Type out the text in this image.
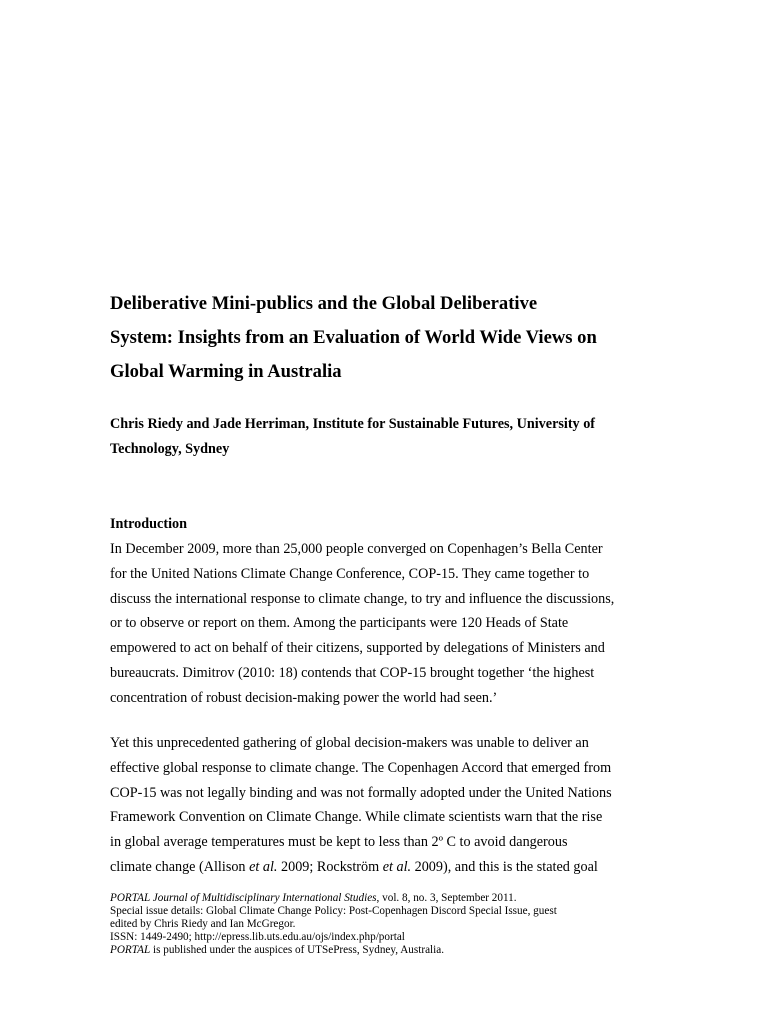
Deliberative Mini-publics and the Global Deliberative
System: Insights from an Evaluation of World Wide Views on
Global Warming in Australia

Chris Riedy and Jade Herriman, Institute for Sustainable Futures, University of
Technology, Sydney

Introduction

In December 2009, more than 25,000 people converged on Copenhagen’s Bella Center
for the United Nations Climate Change Conference, COP-15. They came together to
discuss the international response to climate change, to try and influence the discussions,
or to observe or report on them. Among the participants were 120 Heads of State
empowered to act on behalf of their citizens, supported by delegations of Ministers and
bureaucrats. Dimitrov (2010: 18) contends that COP-15 brought together ‘the highest
concentration of robust decision-making power the world had seen.’

Yet this unprecedented gathering of global decision-makers was unable to deliver an
effective global response to climate change. The Copenhagen Accord that emerged from
COP-15 was not legally binding and was not formally adopted under the United Nations
Framework Convention on Climate Change. While climate scientists warn that the rise
in global average temperatures must be kept to less than 2º C to avoid dangerous
climate change (Allison et al. 2009; Rockström et al. 2009), and this is the stated goal

PORTAL Journal of Multidisciplinary International Studies, vol. 8, no. 3, September 2011.
Special issue details: Global Climate Change Policy: Post-Copenhagen Discord Special Issue, guest
edited by Chris Riedy and Ian McGregor.
ISSN: 1449-2490; http://epress.lib.uts.edu.au/ojs/index.php/portal
PORTAL is published under the auspices of UTSePress, Sydney, Australia.
